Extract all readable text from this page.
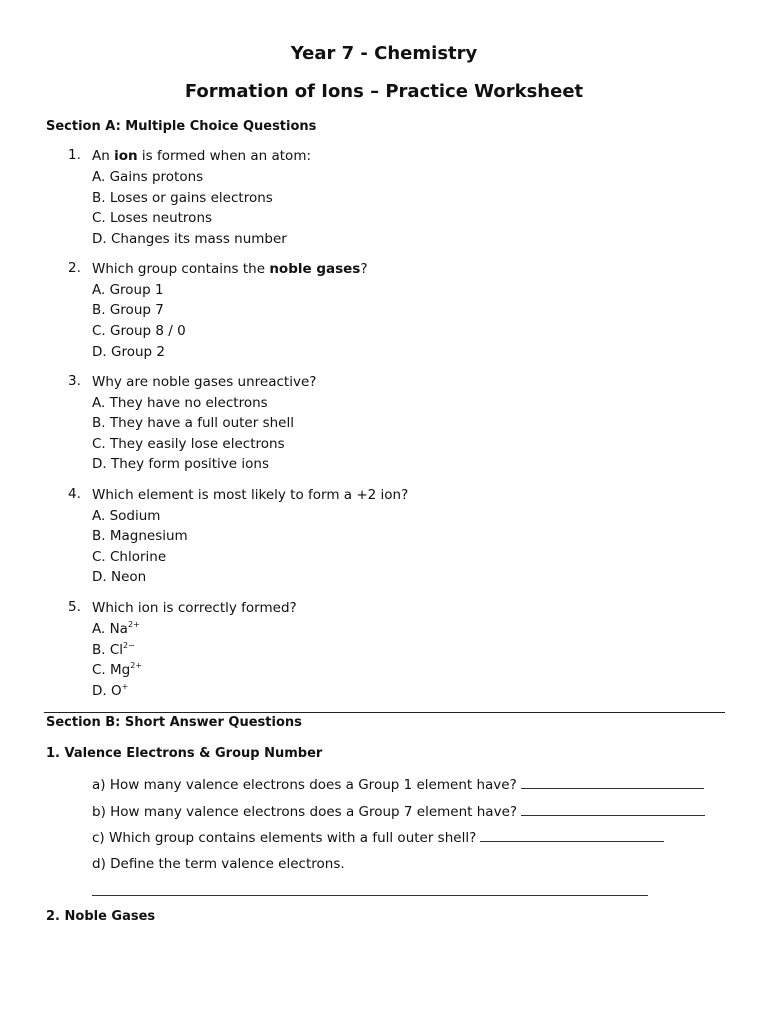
Year 7 - Chemistry
Formation of Ions – Practice Worksheet
Section A: Multiple Choice Questions
1. An ion is formed when an atom:
A. Gains protons
B. Loses or gains electrons
C. Loses neutrons
D. Changes its mass number
2. Which group contains the noble gases?
A. Group 1
B. Group 7
C. Group 8 / 0
D. Group 2
3. Why are noble gases unreactive?
A. They have no electrons
B. They have a full outer shell
C. They easily lose electrons
D. They form positive ions
4. Which element is most likely to form a +2 ion?
A. Sodium
B. Magnesium
C. Chlorine
D. Neon
5. Which ion is correctly formed?
A. $Na^{2+}$
B. $Cl^{2-}$
C. $Mg^{2+}$
D. O+
Section B: Short Answer Questions
1. Valence Electrons & Group Number
a) How many valence electrons does a Group 1 element have?
b) How many valence electrons does a Group 7 element have?
c) Which group contains elements with a full outer shell?
d) Define the term valence electrons.
2. Noble Gases
